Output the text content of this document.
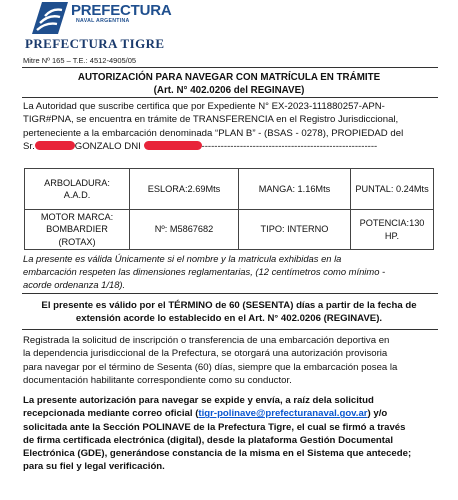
PREFECTURA
NAVAL ARGENTINA
PREFECTURA TIGRE
Mitre Nº 165 – T.E.: 4512-4905/05
AUTORIZACIÓN PARA NAVEGAR CON MATRÍCULA EN TRÁMITE
(Art. N° 402.0206 del REGINAVE)
La Autoridad que suscribe certifica que por Expediente N° EX-2023-111880257-APN-
TIGR#PNA, se encuentra en trámite de TRANSFERENCIA en el Registro Jurisdiccional,
perteneciente a la embarcación denominada “PLAN B” - (BSAS - 0278), PROPIEDAD del
Sr.	GONZALO DNI	-------------------------------------------------------
ARBOLADURA:
A.A.D.	ESLORA:2.69Mts	MANGA: 1.16Mts	PUNTAL: 0.24Mts

MOTOR MARCA:
BOMBARDIER (ROTAX)	Nº: M5867682	TIPO: INTERNO	POTENCIA:130 HP.
La presente es válida Únicamente si el nombre y la matricula exhibidas en la
embarcación respeten las dimensiones reglamentarias, (12 centímetros como mínimo -
acorde ordenanza 1/18).
El presente es válido por el TÉRMINO de 60 (SESENTA) días a partir de la fecha de
extensión acorde lo establecido en el Art. N° 402.0206 (REGINAVE).
Registrada la solicitud de inscripción o transferencia de una embarcación deportiva en
la dependencia jurisdiccional de la Prefectura, se otorgará una autorización provisoria
para navegar por el término de Sesenta (60) días, siempre que la embarcación posea la
documentación habilitante correspondiente como su conductor.
La presente autorización para navegar se expide y envía, a raíz dela solicitud
recepcionada mediante correo oficial (tigr-polinave@prefecturanaval.gov.ar) y/o
solicitada ante la Sección POLINAVE de la Prefectura Tigre, el cual se firmó a través
de firma certificada electrónica (digital), desde la plataforma Gestión Documental
Electrónica (GDE), generándose constancia de la misma en el Sistema que antecede;
para su fiel y legal verificación.
